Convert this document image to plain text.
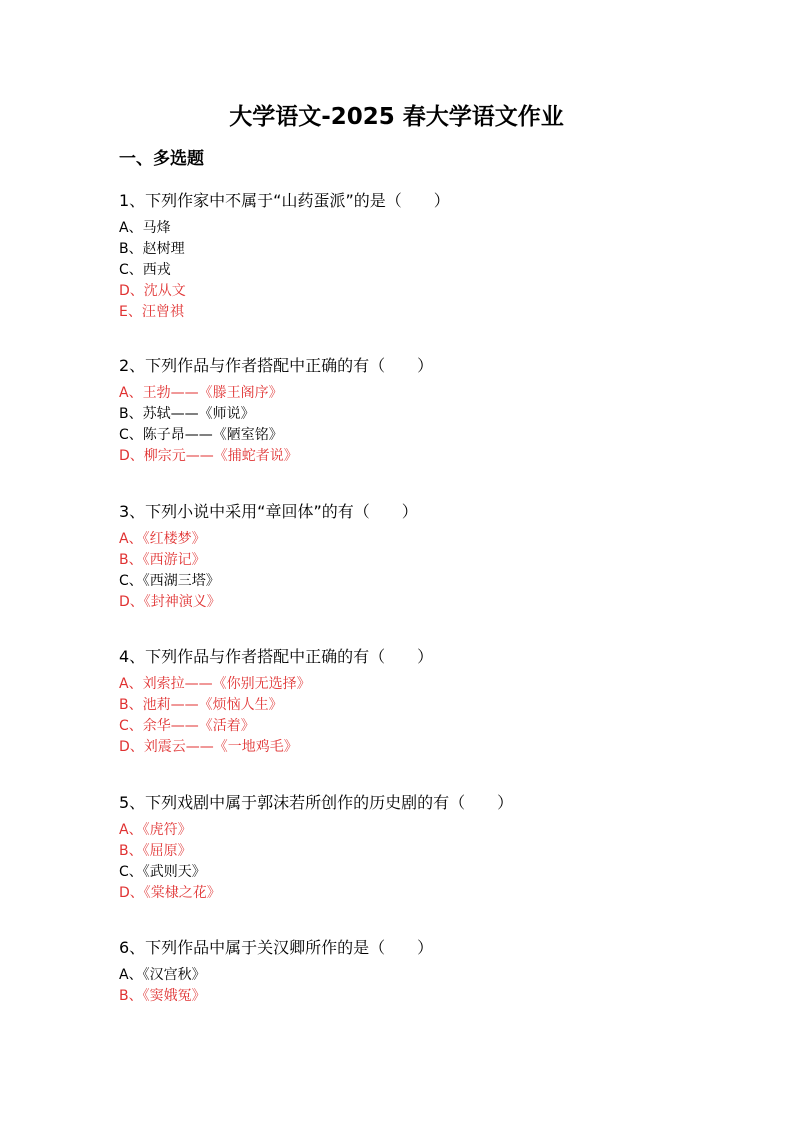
大学语文-2025 春大学语文作业
一、多选题

1、下列作家中不属于“山药蛋派”的是（　　）

A、马烽

B、赵树理

C、西戎

D、沈从文

E、汪曾祺

2、下列作品与作者搭配中正确的有（　　）

A、王勃——《滕王阁序》

B、苏轼——《师说》

C、陈子昂——《陋室铭》

D、柳宗元——《捕蛇者说》

3、下列小说中采用“章回体”的有（　　）

A、《红楼梦》

B、《西游记》

C、《西湖三塔》

D、《封神演义》

4、下列作品与作者搭配中正确的有（　　）

A、刘索拉——《你别无选择》

B、池莉——《烦恼人生》

C、余华——《活着》

D、刘震云——《一地鸡毛》

5、下列戏剧中属于郭沫若所创作的历史剧的有（　　）

A、《虎符》

B、《屈原》

C、《武则天》

D、《棠棣之花》

6、下列作品中属于关汉卿所作的是（　　）

A、《汉宫秋》

B、《窦娥冤》
